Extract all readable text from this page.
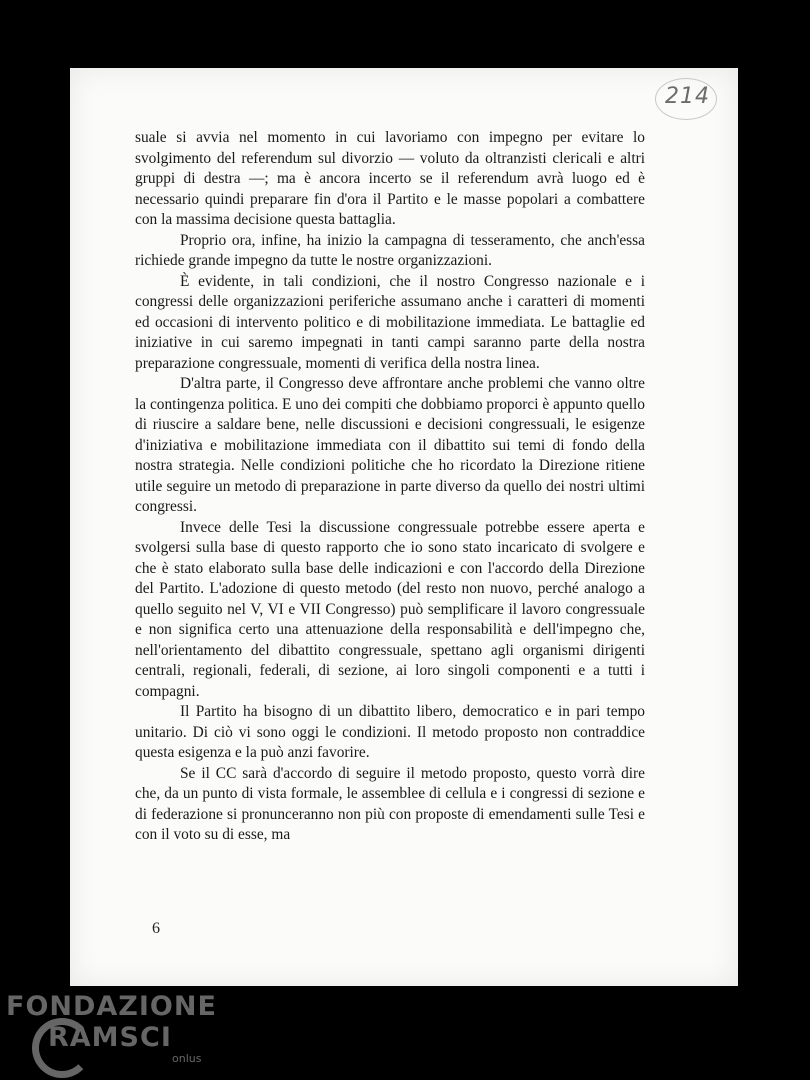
214

suale si avvia nel momento in cui lavoriamo con impegno per evitare lo svolgimento del referendum sul divorzio — voluto da oltranzisti clericali e altri gruppi di destra —; ma è ancora incerto se il referendum avrà luogo ed è necessario quindi preparare fin d'ora il Partito e le masse popolari a combattere con la massima decisione questa battaglia.

Proprio ora, infine, ha inizio la campagna di tesseramento, che anch'essa richiede grande impegno da tutte le nostre organizzazioni.

È evidente, in tali condizioni, che il nostro Congresso nazionale e i congressi delle organizzazioni periferiche assumano anche i caratteri di momenti ed occasioni di intervento politico e di mobilitazione immediata. Le battaglie ed iniziative in cui saremo impegnati in tanti campi saranno parte della nostra preparazione congressuale, momenti di verifica della nostra linea.

D'altra parte, il Congresso deve affrontare anche problemi che vanno oltre la contingenza politica. E uno dei compiti che dobbiamo proporci è appunto quello di riuscire a saldare bene, nelle discussioni e decisioni congressuali, le esigenze d'iniziativa e mobilitazione immediata con il dibattito sui temi di fondo della nostra strategia. Nelle condizioni politiche che ho ricordato la Direzione ritiene utile seguire un metodo di preparazione in parte diverso da quello dei nostri ultimi congressi.

Invece delle Tesi la discussione congressuale potrebbe essere aperta e svolgersi sulla base di questo rapporto che io sono stato incaricato di svolgere e che è stato elaborato sulla base delle indicazioni e con l'accordo della Direzione del Partito. L'adozione di questo metodo (del resto non nuovo, perché analogo a quello seguito nel V, VI e VII Congresso) può semplificare il lavoro congressuale e non significa certo una attenuazione della responsabilità e dell'impegno che, nell'orientamento del dibattito congressuale, spettano agli organismi dirigenti centrali, regionali, federali, di sezione, ai loro singoli componenti e a tutti i compagni.

Il Partito ha bisogno di un dibattito libero, democratico e in pari tempo unitario. Di ciò vi sono oggi le condizioni. Il metodo proposto non contraddice questa esigenza e la può anzi favorire.

Se il CC sarà d'accordo di seguire il metodo proposto, questo vorrà dire che, da un punto di vista formale, le assemblee di cellula e i congressi di sezione e di federazione si pronunceranno non più con proposte di emendamenti sulle Tesi e con il voto su di esse, ma

6
FONDAZIONE
RAMSCI
onlus
